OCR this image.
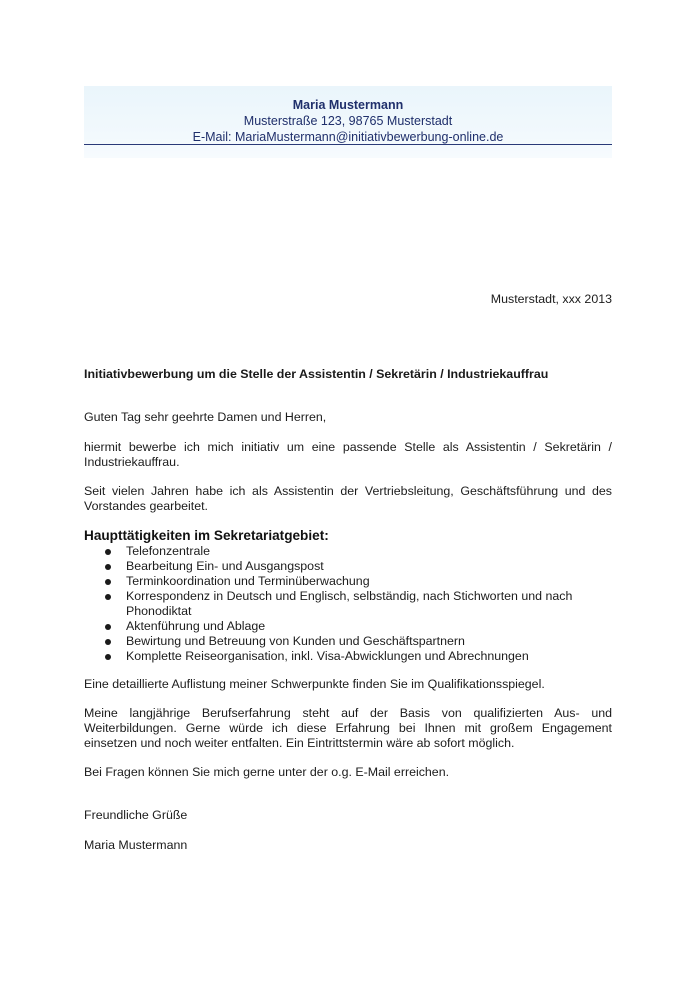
Maria Mustermann
Musterstraße 123, 98765 Musterstadt
E-Mail: MariaMustermann@initiativbewerbung-online.de
Musterstadt, xxx 2013
Initiativbewerbung um die Stelle der Assistentin / Sekretärin / Industriekauffrau
Guten Tag sehr geehrte Damen und Herren,
hiermit bewerbe ich mich initiativ um eine passende Stelle als Assistentin / Sekretärin / Industriekauffrau.
Seit vielen Jahren habe ich als Assistentin der Vertriebsleitung, Geschäftsführung und des Vorstandes gearbeitet.
Haupttätigkeiten im Sekretariatgebiet:
Telefonzentrale
Bearbeitung Ein- und Ausgangspost
Terminkoordination und Terminüberwachung
Korrespondenz in Deutsch und Englisch, selbständig, nach Stichworten und nach Phonodiktat
Aktenführung und Ablage
Bewirtung und Betreuung von Kunden und Geschäftspartnern
Komplette Reiseorganisation, inkl. Visa-Abwicklungen und Abrechnungen
Eine detaillierte Auflistung meiner Schwerpunkte finden Sie im Qualifikationsspiegel.
Meine langjährige Berufserfahrung steht auf der Basis von qualifizierten Aus- und Weiterbildungen. Gerne würde ich diese Erfahrung bei Ihnen mit großem Engagement einsetzen und noch weiter entfalten. Ein Eintrittstermin wäre ab sofort möglich.
Bei Fragen können Sie mich gerne unter der o.g. E-Mail erreichen.
Freundliche Grüße
Maria Mustermann
